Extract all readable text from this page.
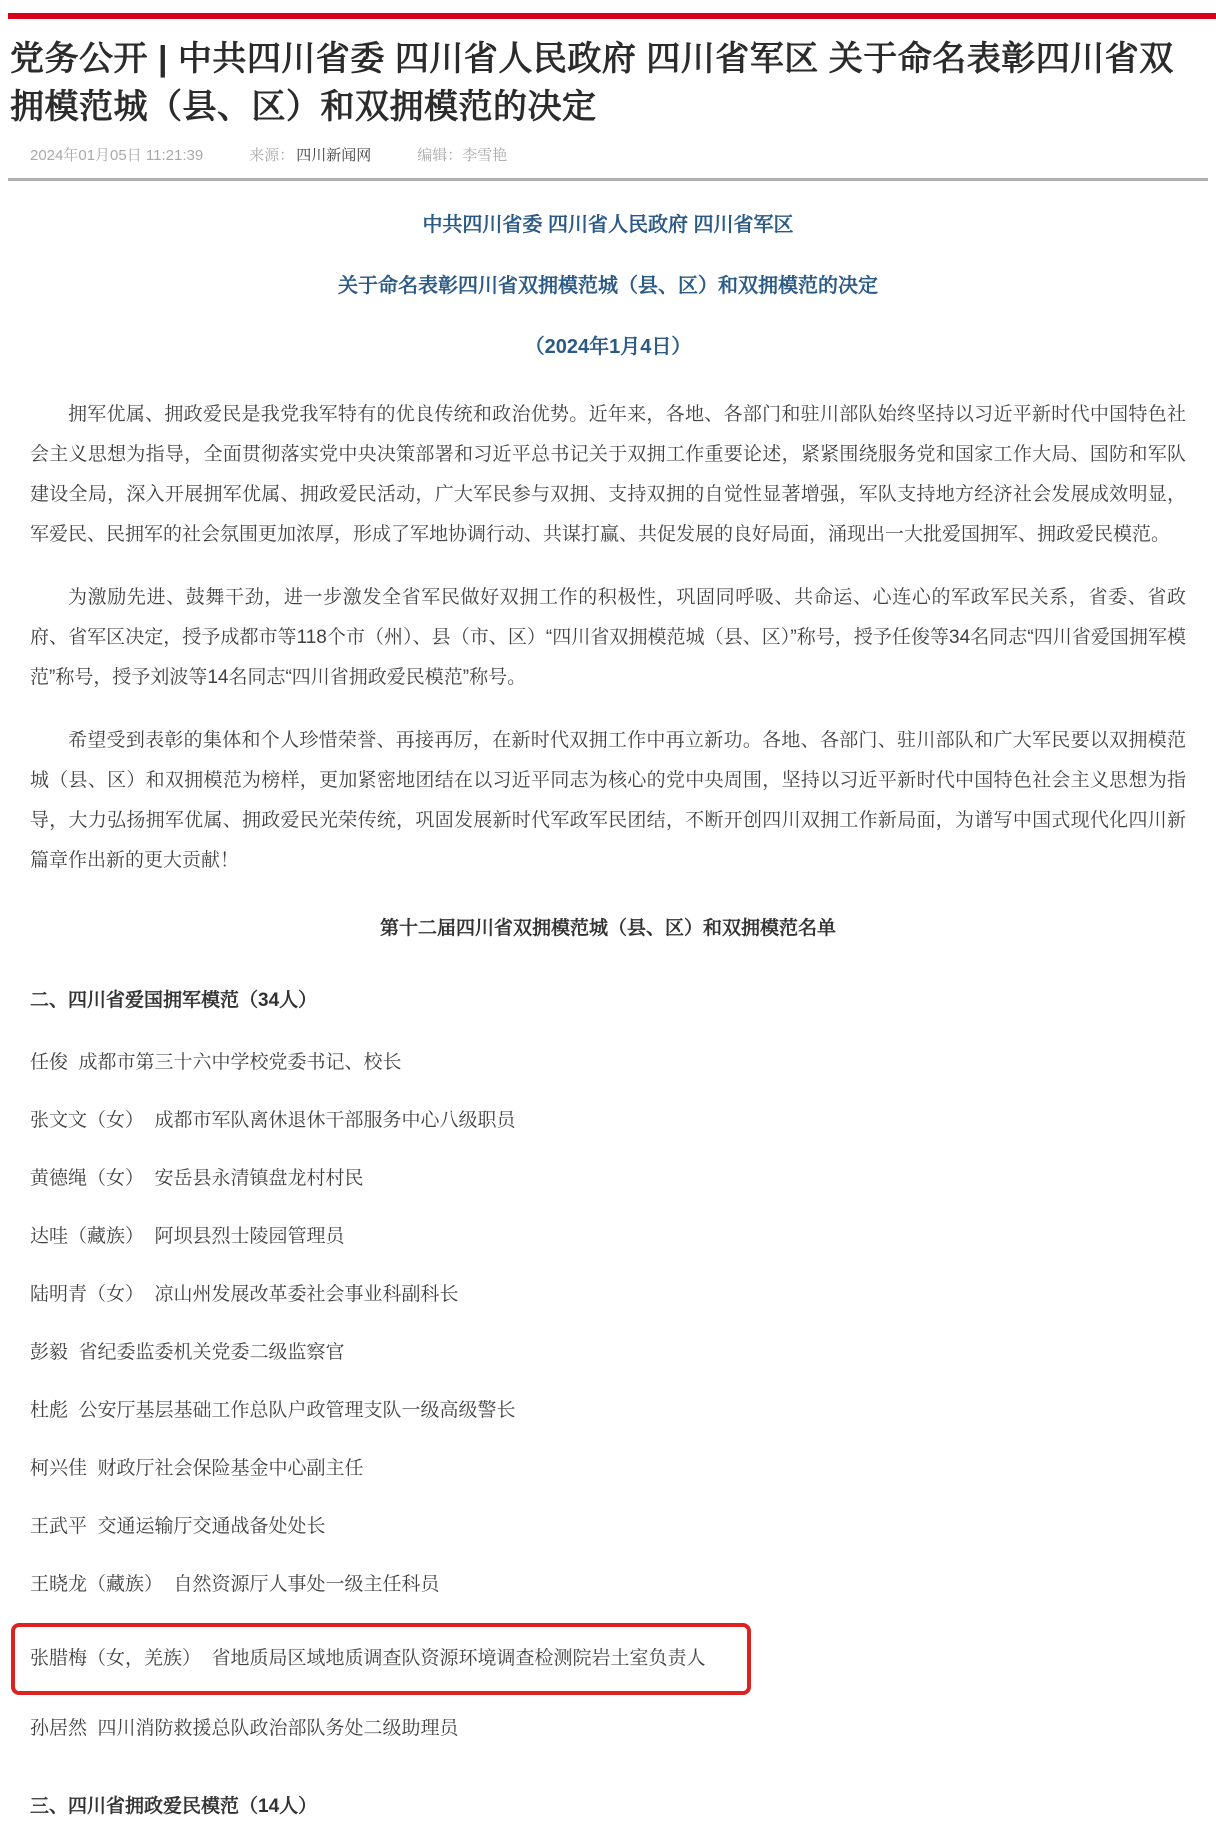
党务公开 | 中共四川省委 四川省人民政府 四川省军区 关于命名表彰四川省双拥模范城（县、区）和双拥模范的决定
2024年01月05日 11:21:39	来源： 四川新闻网	编辑：李雪艳
中共四川省委 四川省人民政府 四川省军区
关于命名表彰四川省双拥模范城（县、区）和双拥模范的决定
（2024年1月4日）

拥军优属、拥政爱民是我党我军特有的优良传统和政治优势。近年来，各地、各部门和驻川部队始终坚持以习近平新时代中国特色社会主义思想为指导，全面贯彻落实党中央决策部署和习近平总书记关于双拥工作重要论述，紧紧围绕服务党和国家工作大局、国防和军队建设全局，深入开展拥军优属、拥政爱民活动，广大军民参与双拥、支持双拥的自觉性显著增强，军队支持地方经济社会发展成效明显，军爱民、民拥军的社会氛围更加浓厚，形成了军地协调行动、共谋打赢、共促发展的良好局面，涌现出一大批爱国拥军、拥政爱民模范。

为激励先进、鼓舞干劲，进一步激发全省军民做好双拥工作的积极性，巩固同呼吸、共命运、心连心的军政军民关系，省委、省政府、省军区决定，授予成都市等118个市（州）、县（市、区）“四川省双拥模范城（县、区）”称号，授予任俊等34名同志“四川省爱国拥军模范”称号，授予刘波等14名同志“四川省拥政爱民模范”称号。

希望受到表彰的集体和个人珍惜荣誉、再接再厉，在新时代双拥工作中再立新功。各地、各部门、驻川部队和广大军民要以双拥模范城（县、区）和双拥模范为榜样，更加紧密地团结在以习近平同志为核心的党中央周围，坚持以习近平新时代中国特色社会主义思想为指导，大力弘扬拥军优属、拥政爱民光荣传统，巩固发展新时代军政军民团结，不断开创四川双拥工作新局面，为谱写中国式现代化四川新篇章作出新的更大贡献！

第十二届四川省双拥模范城（县、区）和双拥模范名单
二、四川省爱国拥军模范（34人）
任俊 成都市第三十六中学校党委书记、校长
张文文（女） 成都市军队离休退休干部服务中心八级职员
黄德绳（女） 安岳县永清镇盘龙村村民
达哇（藏族） 阿坝县烈士陵园管理员
陆明青（女） 凉山州发展改革委社会事业科副科长
彭毅 省纪委监委机关党委二级监察官
杜彪 公安厅基层基础工作总队户政管理支队一级高级警长
柯兴佳 财政厅社会保险基金中心副主任
王武平 交通运输厅交通战备处处长
王晓龙（藏族） 自然资源厅人事处一级主任科员
张腊梅（女，羌族） 省地质局区域地质调查队资源环境调查检测院岩土室负责人
孙居然 四川消防救援总队政治部队务处二级助理员
三、四川省拥政爱民模范（14人）
